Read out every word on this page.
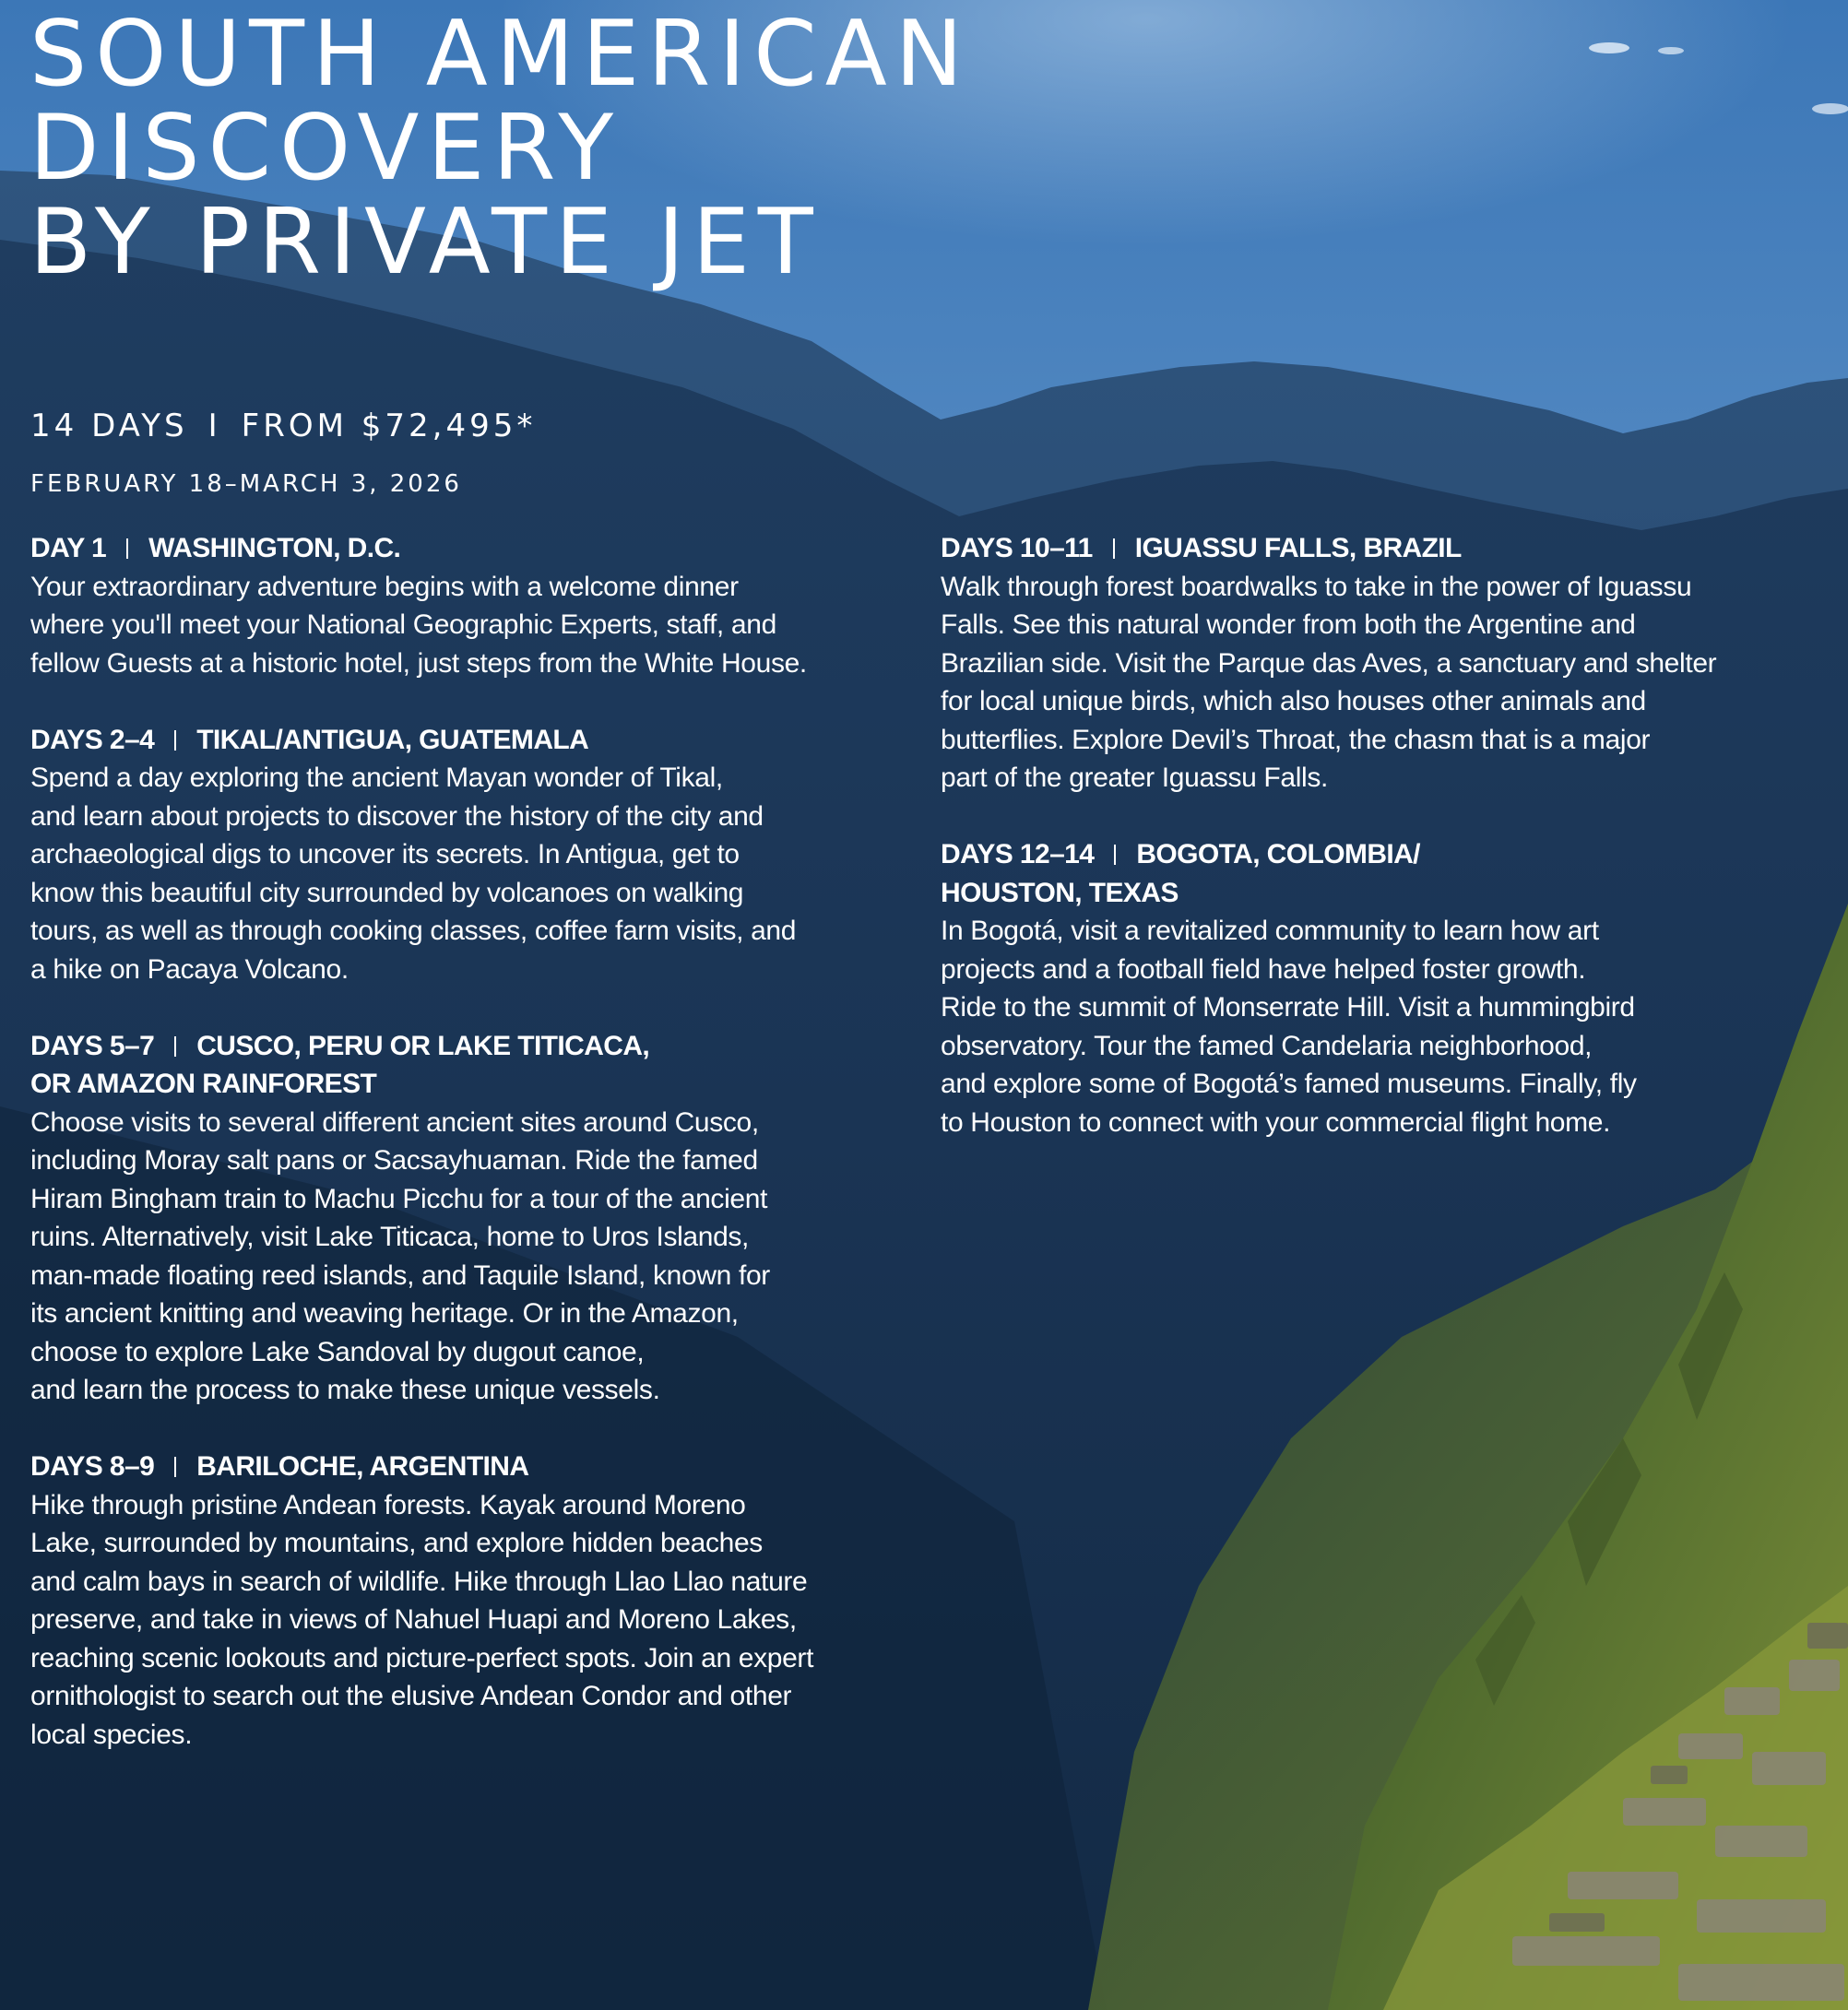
SOUTH AMERICAN
DISCOVERY
BY PRIVATE JET
14 DAYS I FROM $72,495*
FEBRUARY 18–MARCH 3, 2026
DAY 1 WASHINGTON, D.C.
Your extraordinary adventure begins with a welcome dinner
where you'll meet your National Geographic Experts, staff, and
fellow Guests at a historic hotel, just steps from the White House.
DAYS 2–4 TIKAL/ANTIGUA, GUATEMALA
Spend a day exploring the ancient Mayan wonder of Tikal,
and learn about projects to discover the history of the city and
archaeological digs to uncover its secrets. In Antigua, get to
know this beautiful city surrounded by volcanoes on walking
tours, as well as through cooking classes, coffee farm visits, and
a hike on Pacaya Volcano.
DAYS 5–7 CUSCO, PERU OR LAKE TITICACA,
OR AMAZON RAINFOREST
Choose visits to several different ancient sites around Cusco,
including Moray salt pans or Sacsayhuaman. Ride the famed
Hiram Bingham train to Machu Picchu for a tour of the ancient
ruins. Alternatively, visit Lake Titicaca, home to Uros Islands,
man-made floating reed islands, and Taquile Island, known for
its ancient knitting and weaving heritage. Or in the Amazon,
choose to explore Lake Sandoval by dugout canoe,
and learn the process to make these unique vessels.
DAYS 8–9 BARILOCHE, ARGENTINA
Hike through pristine Andean forests. Kayak around Moreno
Lake, surrounded by mountains, and explore hidden beaches
and calm bays in search of wildlife. Hike through Llao Llao nature
preserve, and take in views of Nahuel Huapi and Moreno Lakes,
reaching scenic lookouts and picture-perfect spots. Join an expert
ornithologist to search out the elusive Andean Condor and other
local species.
DAYS 10–11 IGUASSU FALLS, BRAZIL
Walk through forest boardwalks to take in the power of Iguassu
Falls. See this natural wonder from both the Argentine and
Brazilian side. Visit the Parque das Aves, a sanctuary and shelter
for local unique birds, which also houses other animals and
butterflies. Explore Devil’s Throat, the chasm that is a major
part of the greater Iguassu Falls.
DAYS 12–14 BOGOTA, COLOMBIA/
HOUSTON, TEXAS
In Bogotá, visit a revitalized community to learn how art
projects and a football field have helped foster growth.
Ride to the summit of Monserrate Hill. Visit a hummingbird
observatory. Tour the famed Candelaria neighborhood,
and explore some of Bogotá’s famed museums. Finally, fly
to Houston to connect with your commercial flight home.
